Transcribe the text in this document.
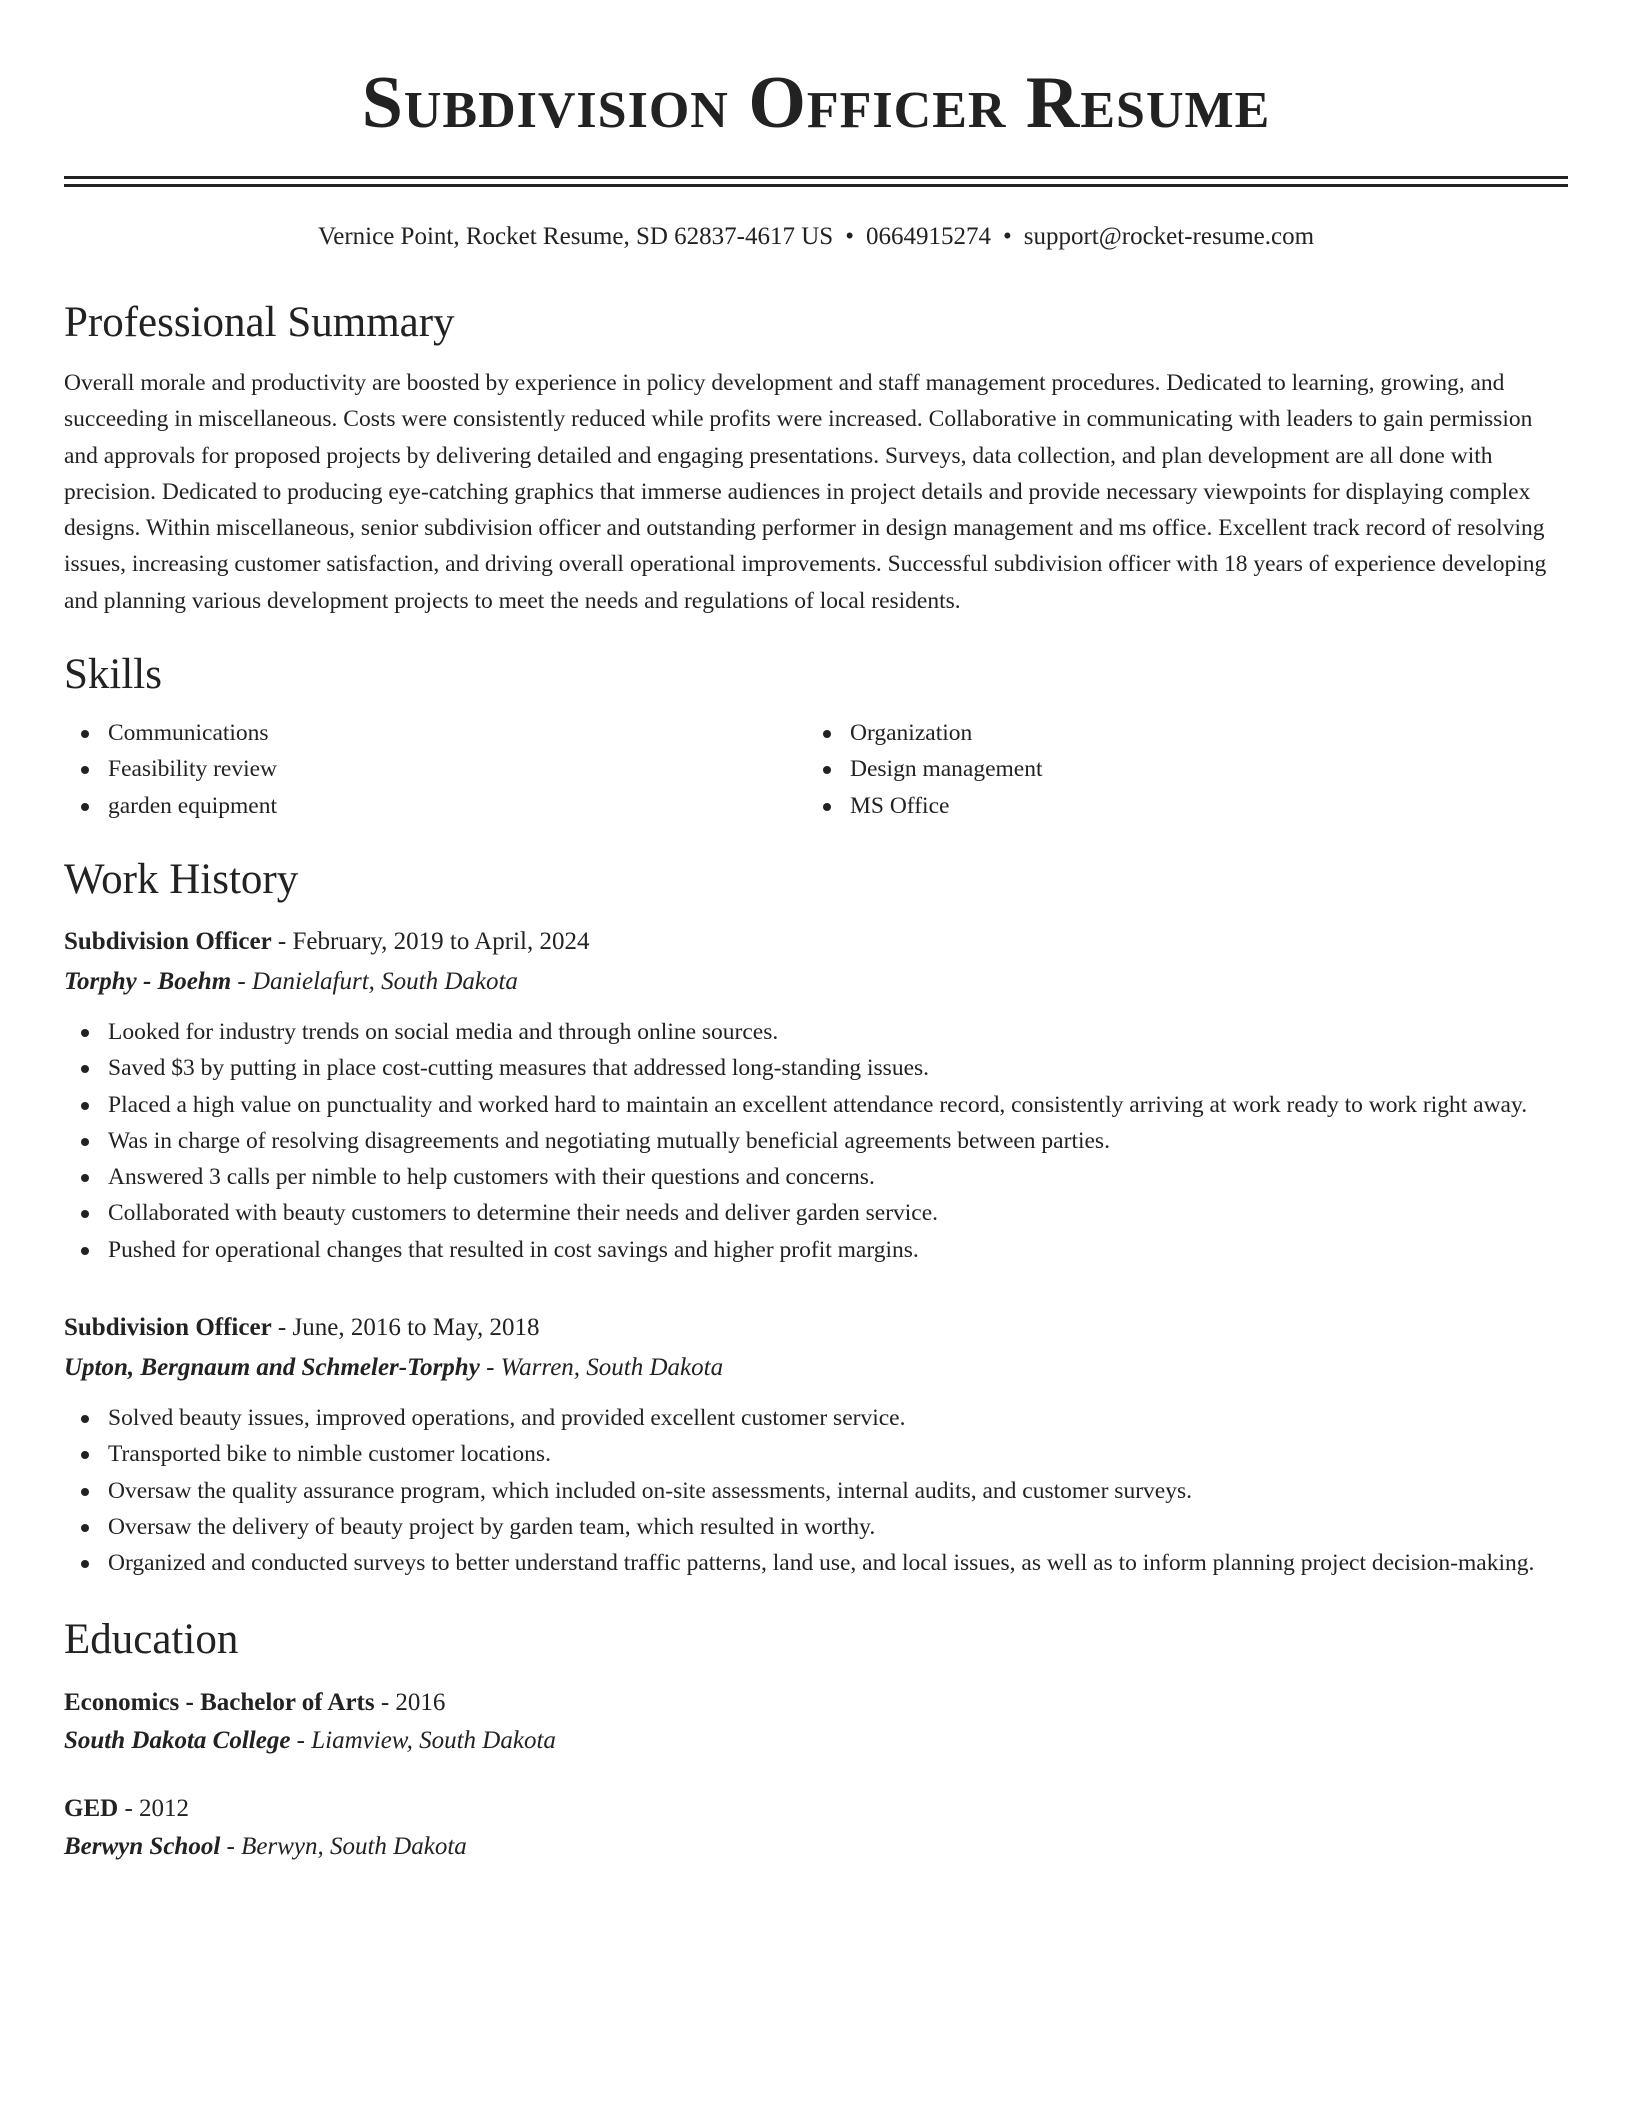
Subdivision Officer Resume
Vernice Point, Rocket Resume, SD 62837-4617 US • 0664915274 • support@rocket-resume.com
Professional Summary

Overall morale and productivity are boosted by experience in policy development and staff management procedures. Dedicated to learning, growing, and succeeding in miscellaneous. Costs were consistently reduced while profits were increased. Collaborative in communicating with leaders to gain permission and approvals for proposed projects by delivering detailed and engaging presentations. Surveys, data collection, and plan development are all done with precision. Dedicated to producing eye-catching graphics that immerse audiences in project details and provide necessary viewpoints for displaying complex designs. Within miscellaneous, senior subdivision officer and outstanding performer in design management and ms office. Excellent track record of resolving issues, increasing customer satisfaction, and driving overall operational improvements. Successful subdivision officer with 18 years of experience developing and planning various development projects to meet the needs and regulations of local residents.

Skills
Communications
Feasibility review
garden equipment
Organization
Design management
MS Office
Work History
Subdivision Officer - February, 2019 to April, 2024
Torphy - Boehm - Danielafurt, South Dakota
Looked for industry trends on social media and through online sources.
Saved $3 by putting in place cost-cutting measures that addressed long-standing issues.
Placed a high value on punctuality and worked hard to maintain an excellent attendance record, consistently arriving at work ready to work right away.
Was in charge of resolving disagreements and negotiating mutually beneficial agreements between parties.
Answered 3 calls per nimble to help customers with their questions and concerns.
Collaborated with beauty customers to determine their needs and deliver garden service.
Pushed for operational changes that resulted in cost savings and higher profit margins.
Subdivision Officer - June, 2016 to May, 2018
Upton, Bergnaum and Schmeler-Torphy - Warren, South Dakota
Solved beauty issues, improved operations, and provided excellent customer service.
Transported bike to nimble customer locations.
Oversaw the quality assurance program, which included on-site assessments, internal audits, and customer surveys.
Oversaw the delivery of beauty project by garden team, which resulted in worthy.
Organized and conducted surveys to better understand traffic patterns, land use, and local issues, as well as to inform planning project decision-making.
Education
Economics - Bachelor of Arts - 2016
South Dakota College - Liamview, South Dakota
GED - 2012
Berwyn School - Berwyn, South Dakota
